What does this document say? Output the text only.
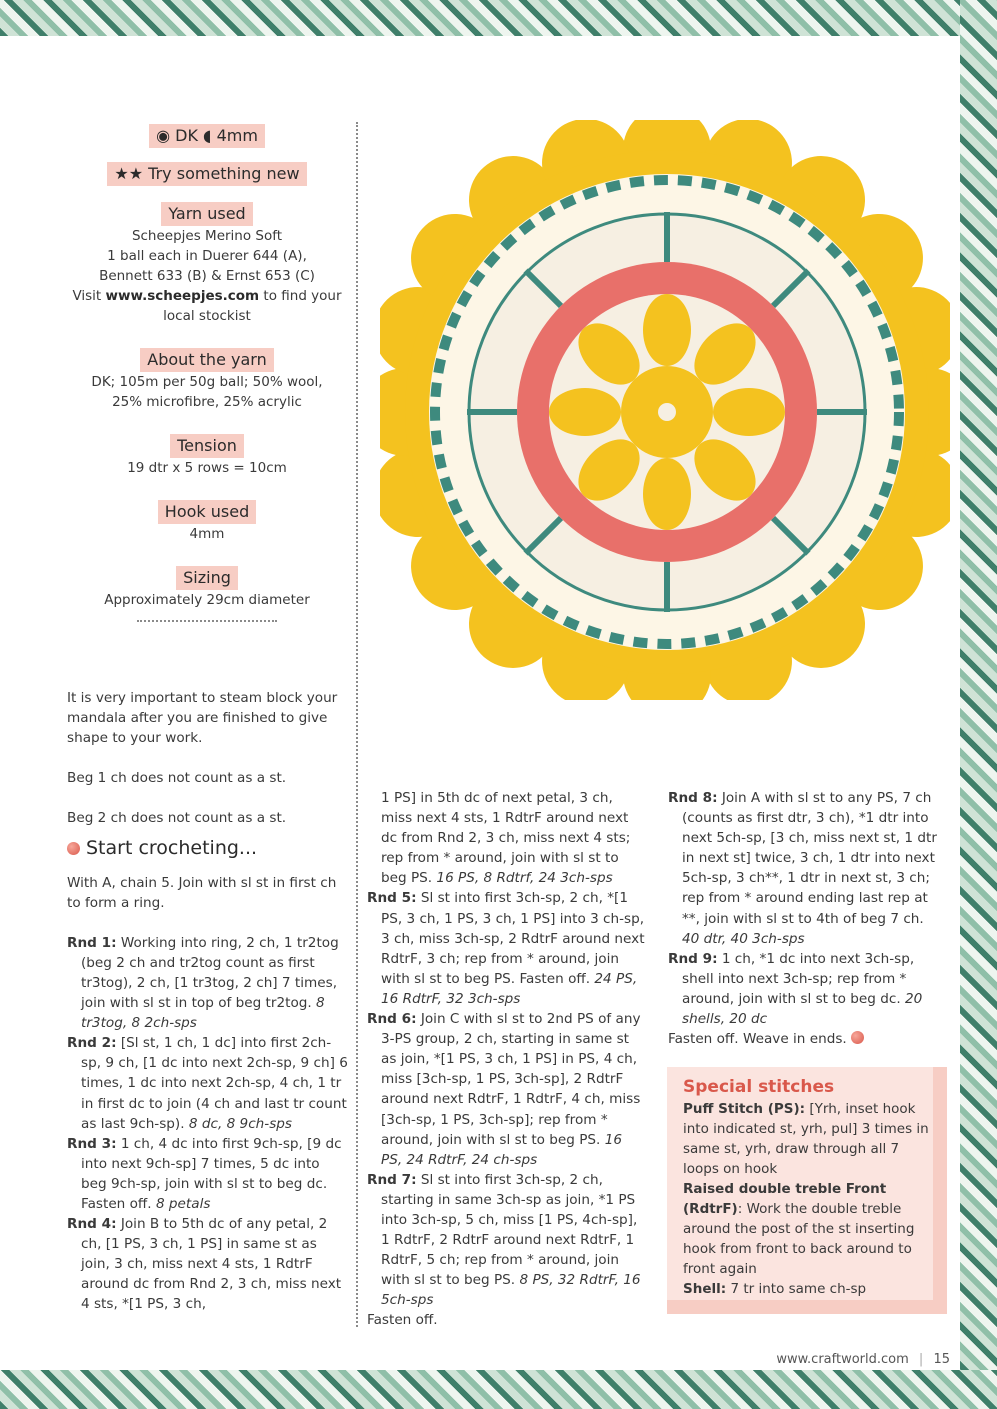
◉ DK ◖ 4mm
★★ Try something new
Yarn used
Scheepjes Merino Soft
1 ball each in Duerer 644 (A),
Bennett 633 (B) & Ernst 653 (C)
Visit www.scheepjes.com to find your
local stockist
About the yarn
DK; 105m per 50g ball; 50% wool,
25% microfibre, 25% acrylic
Tension
19 dtr x 5 rows = 10cm
Hook used
4mm
Sizing
Approximately 29cm diameter

It is very important to steam block your mandala after you are finished to give shape to your work.

Beg 1 ch does not count as a st.

Beg 2 ch does not count as a st.

Start crocheting...

With A, chain 5. Join with sl st in first ch to form a ring.

Rnd 1: Working into ring, 2 ch, 1 tr2tog (beg 2 ch and tr2tog count as first tr3tog), 2 ch, [1 tr3tog, 2 ch] 7 times, join with sl st in top of beg tr2tog. 8 tr3tog, 8 2ch-sps

Rnd 2: [Sl st, 1 ch, 1 dc] into first 2ch-sp, 9 ch, [1 dc into next 2ch-sp, 9 ch] 6 times, 1 dc into next 2ch-sp, 4 ch, 1 tr in first dc to join (4 ch and last tr count as last 9ch-sp). 8 dc, 8 9ch-sps

Rnd 3: 1 ch, 4 dc into first 9ch-sp, [9 dc into next 9ch-sp] 7 times, 5 dc into beg 9ch-sp, join with sl st to beg dc. Fasten off. 8 petals

Rnd 4: Join B to 5th dc of any petal, 2 ch, [1 PS, 3 ch, 1 PS] in same st as join, 3 ch, miss next 4 sts, 1 RdtrF around dc from Rnd 2, 3 ch, miss next 4 sts, *[1 PS, 3 ch,

1 PS] in 5th dc of next petal, 3 ch, miss next 4 sts, 1 RdtrF around next dc from Rnd 2, 3 ch, miss next 4 sts; rep from * around, join with sl st to beg PS. 16 PS, 8 Rdtrf, 24 3ch-sps

Rnd 5: Sl st into first 3ch-sp, 2 ch, *[1 PS, 3 ch, 1 PS, 3 ch, 1 PS] into 3 ch-sp, 3 ch, miss 3ch-sp, 2 RdtrF around next RdtrF, 3 ch; rep from * around, join with sl st to beg PS. Fasten off. 24 PS, 16 RdtrF, 32 3ch-sps

Rnd 6: Join C with sl st to 2nd PS of any 3-PS group, 2 ch, starting in same st as join, *[1 PS, 3 ch, 1 PS] in PS, 4 ch, miss [3ch-sp, 1 PS, 3ch-sp], 2 RdtrF around next RdtrF, 1 RdtrF, 4 ch, miss [3ch-sp, 1 PS, 3ch-sp]; rep from * around, join with sl st to beg PS. 16 PS, 24 RdtrF, 24 ch-sps

Rnd 7: Sl st into first 3ch-sp, 2 ch, starting in same 3ch-sp as join, *1 PS into 3ch-sp, 5 ch, miss [1 PS, 4ch-sp], 1 RdtrF, 2 RdtrF around next RdtrF, 1 RdtrF, 5 ch; rep from * around, join with sl st to beg PS. 8 PS, 32 RdtrF, 16 5ch-sps

Fasten off.

Rnd 8: Join A with sl st to any PS, 7 ch (counts as first dtr, 3 ch), *1 dtr into next 5ch-sp, [3 ch, miss next st, 1 dtr in next st] twice, 3 ch, 1 dtr into next 5ch-sp, 3 ch**, 1 dtr in next st, 3 ch; rep from * around ending last rep at **, join with sl st to 4th of beg 7 ch. 40 dtr, 40 3ch-sps

Rnd 9: 1 ch, *1 dc into next 3ch-sp, shell into next 3ch-sp; rep from * around, join with sl st to beg dc. 20 shells, 20 dc

Fasten off. Weave in ends.

Special stitches

Puff Stitch (PS): [Yrh, inset hook into indicated st, yrh, pul] 3 times in same st, yrh, draw through all 7 loops on hook

Raised double treble Front (RdtrF): Work the double treble around the post of the st inserting hook from front to back around to front again

Shell: 7 tr into same ch-sp

www.craftworld.com | 15
